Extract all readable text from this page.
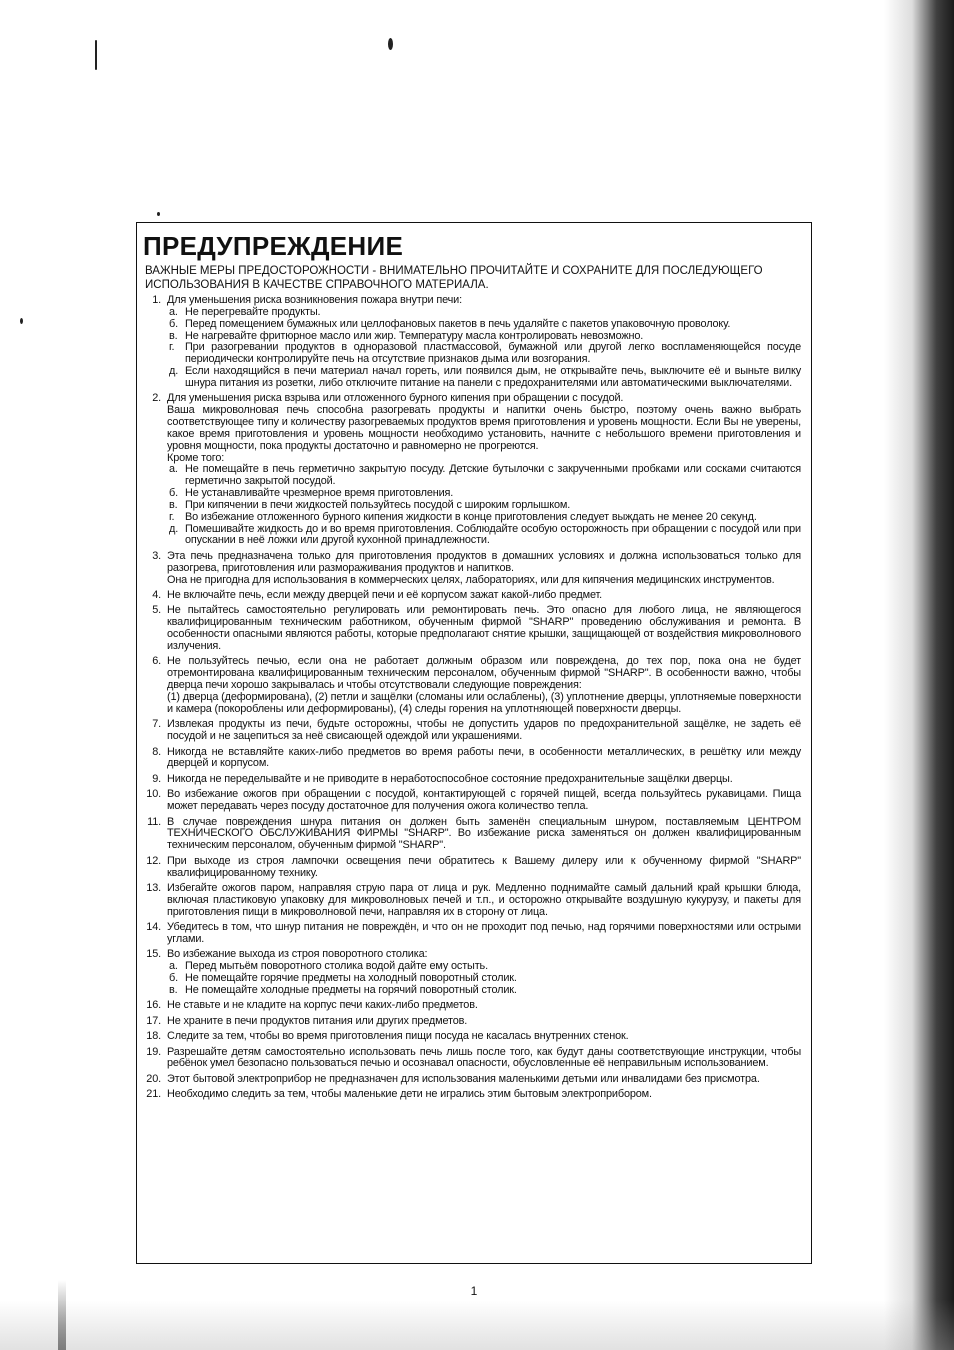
ПРЕДУПРЕЖДЕНИЕ
ВАЖНЫЕ МЕРЫ ПРЕДОСТОРОЖНОСТИ - ВНИМАТЕЛЬНО ПРОЧИТАЙТЕ И СОХРАНИТЕ ДЛЯ ПОСЛЕДУЮЩЕГО ИСПОЛЬЗОВАНИЯ В КАЧЕСТВЕ СПРАВОЧНОГО МАТЕРИАЛА.
1. Для уменьшения риска возникновения пожара внутри печи:
а. Не перегревайте продукты.
б. Перед помещением бумажных или целлофановых пакетов в печь удаляйте с пакетов упаковочную проволоку.
в. Не нагревайте фритюрное масло или жир. Температуру масла контролировать невозможно.
г. При разогревании продуктов в одноразовой пластмассовой, бумажной или другой легко воспламеняющейся посуде периодически контролируйте печь на отсутствие признаков дыма или возгорания.
д. Если находящийся в печи материал начал гореть, или появился дым, не открывайте печь, выключите её и выньте вилку шнура питания из розетки, либо отключите питание на панели с предохранителями или автоматическими выключателями.
2. Для уменьшения риска взрыва или отложенного бурного кипения при обращении с посудой.
Ваша микроволновая печь способна разогревать продукты и напитки очень быстро, поэтому очень важно выбрать соответствующее типу и количеству разогреваемых продуктов время приготовления и уровень мощности. Если Вы не уверены, какое время приготовления и уровень мощности необходимо установить, начните с небольшого времени приготовления и уровня мощности, пока продукты достаточно и равномерно не прогреются.
Кроме того:
а. Не помещайте в печь герметично закрытую посуду. Детские бутылочки с закрученными пробками или сосками считаются герметично закрытой посудой.
б. Не устанавливайте чрезмерное время приготовления.
в. При кипячении в печи жидкостей пользуйтесь посудой с широким горлышком.
г. Во избежание отложенного бурного кипения жидкости в конце приготовления следует выждать не менее 20 секунд.
д. Помешивайте жидкость до и во время приготовления. Соблюдайте особую осторожность при обращении с посудой или при опускании в неё ложки или другой кухонной принадлежности.
3. Эта печь предназначена только для приготовления продуктов в домашних условиях и должна использоваться только для разогрева, приготовления или размораживания продуктов и напитков.
Она не пригодна для использования в коммерческих целях, лабораториях, или для кипячения медицинских инструментов.
4. Не включайте печь, если между дверцей печи и её корпусом зажат какой-либо предмет.
5. Не пытайтесь самостоятельно регулировать или ремонтировать печь. Это опасно для любого лица, не являющегося квалифицированным техническим работником, обученным фирмой "SHARP" проведению обслуживания и ремонта. В особенности опасными являются работы, которые предполагают снятие крышки, защищающей от воздействия микроволнового излучения.
6. Не пользуйтесь печью, если она не работает должным образом или повреждена, до тех пор, пока она не будет отремонтирована квалифицированным техническим персоналом, обученным фирмой "SHARP". В особенности важно, чтобы дверца печи хорошо закрывалась и чтобы отсутствовали следующие повреждения:
(1) дверца (деформирована), (2) петли и защёлки (сломаны или ослаблены), (3) уплотнение дверцы, уплотняемые поверхности и камера (покороблены или деформированы), (4) следы горения на уплотняющей поверхности дверцы.
7. Извлекая продукты из печи, будьте осторожны, чтобы не допустить ударов по предохранительной защёлке, не задеть её посудой и не зацепиться за неё свисающей одеждой или украшениями.
8. Никогда не вставляйте каких-либо предметов во время работы печи, в особенности металлических, в решётку или между дверцей и корпусом.
9. Никогда не переделывайте и не приводите в неработоспособное состояние предохранительные защёлки дверцы.
10. Во избежание ожогов при обращении с посудой, контактирующей с горячей пищей, всегда пользуйтесь рукавицами. Пища может передавать через посуду достаточное для получения ожога количество тепла.
11. В случае повреждения шнура питания он должен быть заменён специальным шнуром, поставляемым ЦЕНТРОМ ТЕХНИЧЕСКОГО ОБСЛУЖИВАНИЯ ФИРМЫ "SHARP". Во избежание риска заменяться он должен квалифицированным техническим персоналом, обученным фирмой "SHARP".
12. При выходе из строя лампочки освещения печи обратитесь к Вашему дилеру или к обученному фирмой "SHARP" квалифицированному технику.
13. Избегайте ожогов паром, направляя струю пара от лица и рук. Медленно поднимайте самый дальний край крышки блюда, включая пластиковую упаковку для микроволновых печей и т.п., и осторожно открывайте воздушную кукурузу, и пакеты для приготовления пищи в микроволновой печи, направляя их в сторону от лица.
14. Убедитесь в том, что шнур питания не повреждён, и что он не проходит под печью, над горячими поверхностями или острыми углами.
15. Во избежание выхода из строя поворотного столика:
а. Перед мытьём поворотного столика водой дайте ему остыть.
б. Не помещайте горячие предметы на холодный поворотный столик.
в. Не помещайте холодные предметы на горячий поворотный столик.
16. Не ставьте и не кладите на корпус печи каких-либо предметов.
17. Не храните в печи продуктов питания или других предметов.
18. Следите за тем, чтобы во время приготовления пищи посуда не касалась внутренних стенок.
19. Разрешайте детям самостоятельно использовать печь лишь после того, как будут даны соответствующие инструкции, чтобы ребёнок умел безопасно пользоваться печью и осознавал опасности, обусловленные её неправильным использованием.
20. Этот бытовой электроприбор не предназначен для использования маленькими детьми или инвалидами без присмотра.
21. Необходимо следить за тем, чтобы маленькие дети не игрались этим бытовым электроприбором.
1
